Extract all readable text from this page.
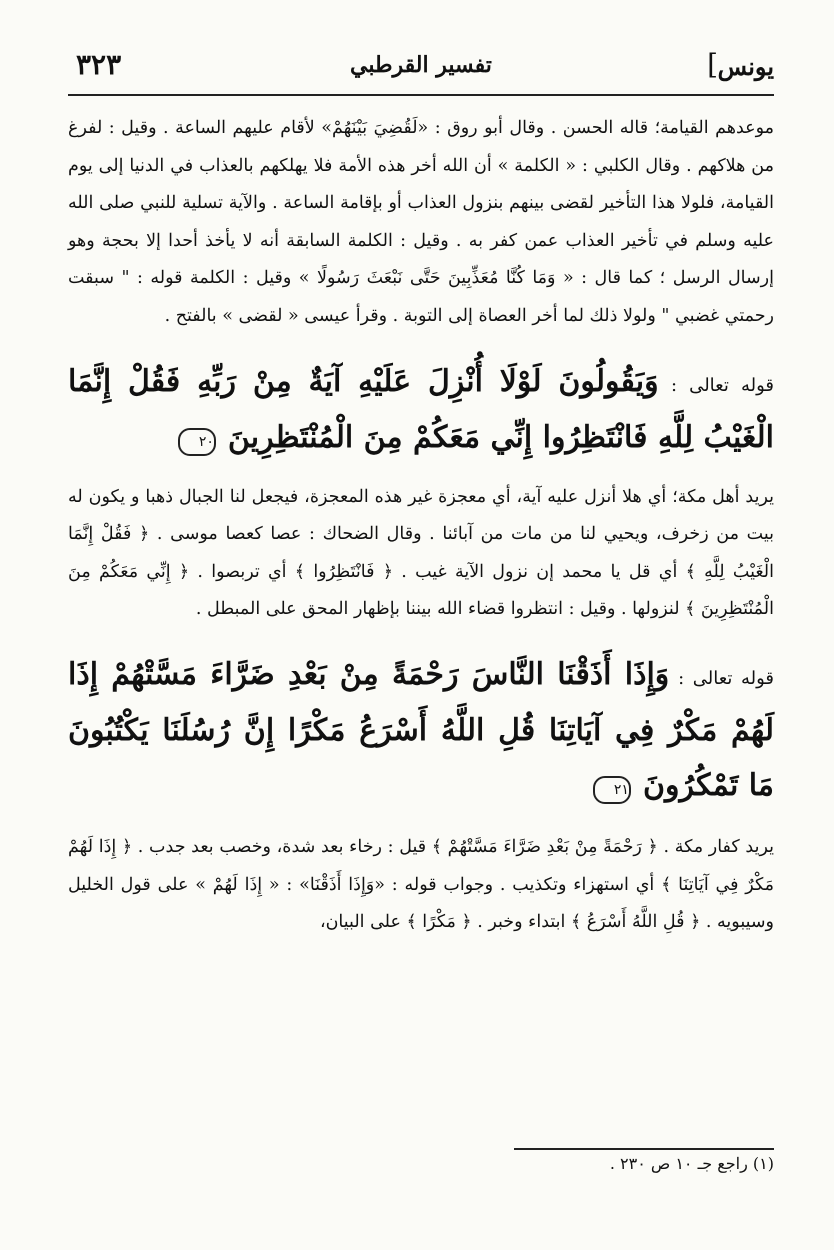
يونس
]
تفسير القرطبي
٣٢٣

موعدهم القيامة؛ قاله الحسن . وقال أبو روق : «لَقُضِيَ بَيْنَهُمْ» لأقام عليهم الساعة . وقيل : لفرغ من هلاكهم . وقال الكلبي : « الكلمة » أن الله أخر هذه الأمة فلا يهلكهم بالعذاب في الدنيا إلى يوم القيامة، فلولا هذا التأخير لقضى بينهم بنزول العذاب أو بإقامة الساعة . والآية تسلية للنبي صلى الله عليه وسلم في تأخير العذاب عمن كفر به . وقيل : الكلمة السابقة أنه لا يأخذ أحدا إلا بحجة وهو إرسال الرسل ؛ كما قال : « وَمَا كُنَّا مُعَذِّبِينَ حَتَّى نَبْعَثَ رَسُولًا » وقيل : الكلمة قوله : " سبقت رحمتي غضبي " ولولا ذلك لما أخر العصاة إلى التوبة . وقرأ عيسى « لقضى » بالفتح .

قوله تعالى : وَيَقُولُونَ لَوْلَا أُنْزِلَ عَلَيْهِ آيَةٌ مِنْ رَبِّهِ فَقُلْ إِنَّمَا الْغَيْبُ لِلَّهِ فَانْتَظِرُوا إِنِّي مَعَكُمْ مِنَ الْمُنْتَظِرِينَ ٢٠

يريد أهل مكة؛ أي هلا أنزل عليه آية، أي معجزة غير هذه المعجزة، فيجعل لنا الجبال ذهبا و يكون له بيت من زخرف، ويحيي لنا من مات من آبائنا . وقال الضحاك : عصا كعصا موسى . ﴿ فَقُلْ إِنَّمَا الْغَيْبُ لِلَّهِ ﴾ أي قل يا محمد إن نزول الآية غيب . ﴿ فَانْتَظِرُوا ﴾ أي تربصوا . ﴿ إِنِّي مَعَكُمْ مِنَ الْمُنْتَظِرِينَ ﴾ لنزولها . وقيل : انتظروا قضاء الله بيننا بإظهار المحق على المبطل .

قوله تعالى : وَإِذَا أَذَقْنَا النَّاسَ رَحْمَةً مِنْ بَعْدِ ضَرَّاءَ مَسَّتْهُمْ إِذَا لَهُمْ مَكْرٌ فِي آيَاتِنَا قُلِ اللَّهُ أَسْرَعُ مَكْرًا إِنَّ رُسُلَنَا يَكْتُبُونَ مَا تَمْكُرُونَ ٢١

يريد كفار مكة . ﴿ رَحْمَةً مِنْ بَعْدِ ضَرَّاءَ مَسَّتْهُمْ ﴾ قيل : رخاء بعد شدة، وخصب بعد جدب . ﴿ إِذَا لَهُمْ مَكْرٌ فِي آيَاتِنَا ﴾ أي استهزاء وتكذيب . وجواب قوله : «وَإِذَا أَذَقْنَا» : « إِذَا لَهُمْ » على قول الخليل وسيبويه . ﴿ قُلِ اللَّهُ أَسْرَعُ ﴾ ابتداء وخبر . ﴿ مَكْرًا ﴾ على البيان،

(١) راجع جـ ١٠ ص ٢٣٠ .
